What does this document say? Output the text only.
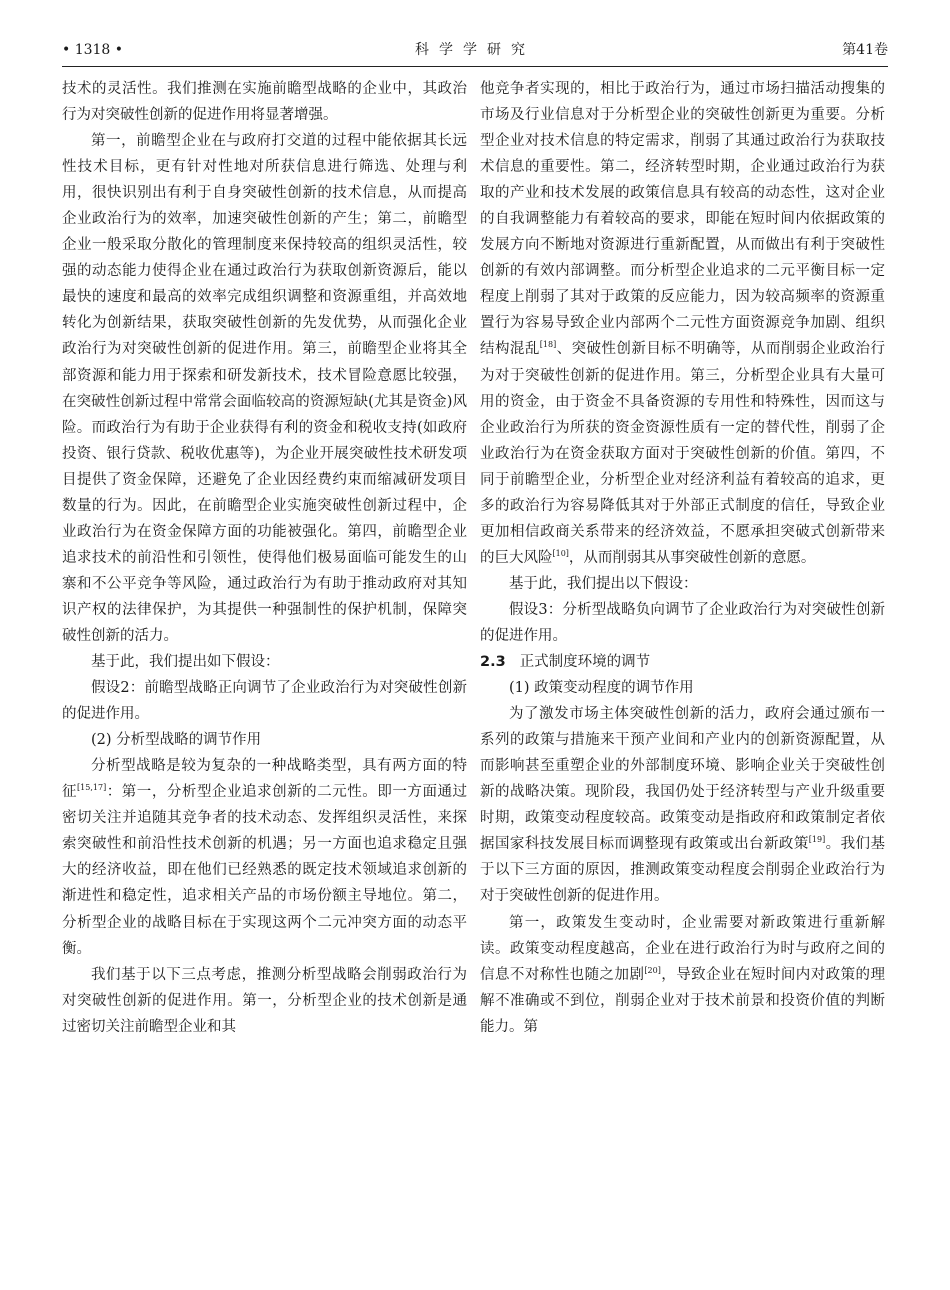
• 1318 •	科学学研究	第41卷

技术的灵活性。我们推测在实施前瞻型战略的企业中，其政治行为对突破性创新的促进作用将显著增强。

第一，前瞻型企业在与政府打交道的过程中能依据其长远性技术目标，更有针对性地对所获信息进行筛选、处理与利用，很快识别出有利于自身突破性创新的技术信息，从而提高企业政治行为的效率，加速突破性创新的产生；第二，前瞻型企业一般采取分散化的管理制度来保持较高的组织灵活性，较强的动态能力使得企业在通过政治行为获取创新资源后，能以最快的速度和最高的效率完成组织调整和资源重组，并高效地转化为创新结果，获取突破性创新的先发优势，从而强化企业政治行为对突破性创新的促进作用。第三，前瞻型企业将其全部资源和能力用于探索和研发新技术，技术冒险意愿比较强，在突破性创新过程中常常会面临较高的资源短缺(尤其是资金)风险。而政治行为有助于企业获得有利的资金和税收支持(如政府投资、银行贷款、税收优惠等)，为企业开展突破性技术研发项目提供了资金保障，还避免了企业因经费约束而缩减研发项目数量的行为。因此，在前瞻型企业实施突破性创新过程中，企业政治行为在资金保障方面的功能被强化。第四，前瞻型企业追求技术的前沿性和引领性，使得他们极易面临可能发生的山寨和不公平竞争等风险，通过政治行为有助于推动政府对其知识产权的法律保护，为其提供一种强制性的保护机制，保障突破性创新的活力。

基于此，我们提出如下假设：

假设2：前瞻型战略正向调节了企业政治行为对突破性创新的促进作用。

(2) 分析型战略的调节作用

分析型战略是较为复杂的一种战略类型，具有两方面的特征[15,17]：第一，分析型企业追求创新的二元性。即一方面通过密切关注并追随其竞争者的技术动态、发挥组织灵活性，来探索突破性和前沿性技术创新的机遇；另一方面也追求稳定且强大的经济收益，即在他们已经熟悉的既定技术领域追求创新的渐进性和稳定性，追求相关产品的市场份额主导地位。第二，分析型企业的战略目标在于实现这两个二元冲突方面的动态平衡。

我们基于以下三点考虑，推测分析型战略会削弱政治行为对突破性创新的促进作用。第一，分析型企业的技术创新是通过密切关注前瞻型企业和其

他竞争者实现的，相比于政治行为，通过市场扫描活动搜集的市场及行业信息对于分析型企业的突破性创新更为重要。分析型企业对技术信息的特定需求，削弱了其通过政治行为获取技术信息的重要性。第二，经济转型时期，企业通过政治行为获取的产业和技术发展的政策信息具有较高的动态性，这对企业的自我调整能力有着较高的要求，即能在短时间内依据政策的发展方向不断地对资源进行重新配置，从而做出有利于突破性创新的有效内部调整。而分析型企业追求的二元平衡目标一定程度上削弱了其对于政策的反应能力，因为较高频率的资源重置行为容易导致企业内部两个二元性方面资源竞争加剧、组织结构混乱[18]、突破性创新目标不明确等，从而削弱企业政治行为对于突破性创新的促进作用。第三，分析型企业具有大量可用的资金，由于资金不具备资源的专用性和特殊性，因而这与企业政治行为所获的资金资源性质有一定的替代性，削弱了企业政治行为在资金获取方面对于突破性创新的价值。第四，不同于前瞻型企业，分析型企业对经济利益有着较高的追求，更多的政治行为容易降低其对于外部正式制度的信任，导致企业更加相信政商关系带来的经济效益，不愿承担突破式创新带来的巨大风险[10]，从而削弱其从事突破性创新的意愿。

基于此，我们提出以下假设：

假设3：分析型战略负向调节了企业政治行为对突破性创新的促进作用。

2.3 正式制度环境的调节

(1) 政策变动程度的调节作用

为了激发市场主体突破性创新的活力，政府会通过颁布一系列的政策与措施来干预产业间和产业内的创新资源配置，从而影响甚至重塑企业的外部制度环境、影响企业关于突破性创新的战略决策。现阶段，我国仍处于经济转型与产业升级重要时期，政策变动程度较高。政策变动是指政府和政策制定者依据国家科技发展目标而调整现有政策或出台新政策[19]。我们基于以下三方面的原因，推测政策变动程度会削弱企业政治行为对于突破性创新的促进作用。

第一，政策发生变动时，企业需要对新政策进行重新解读。政策变动程度越高，企业在进行政治行为时与政府之间的信息不对称性也随之加剧[20]，导致企业在短时间内对政策的理解不准确或不到位，削弱企业对于技术前景和投资价值的判断能力。第
